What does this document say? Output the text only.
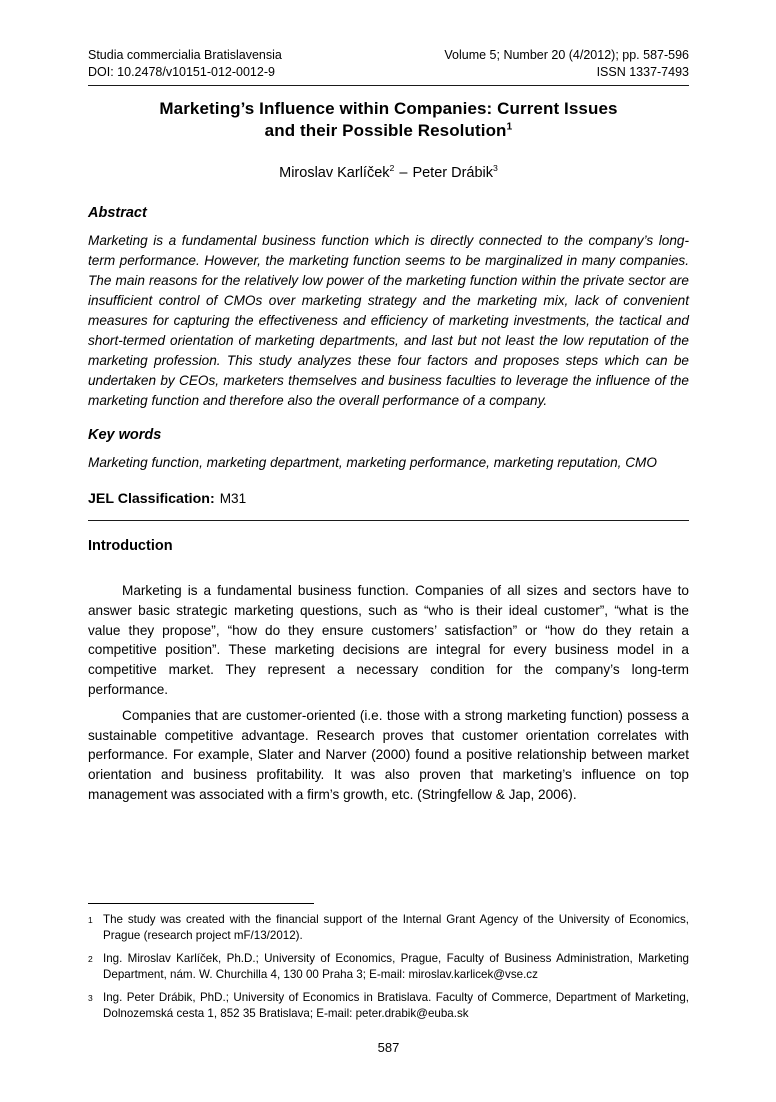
Studia commercialia Bratislavensia
DOI: 10.2478/v10151-012-0012-9
Volume 5; Number 20 (4/2012); pp. 587-596
ISSN 1337-7493
Marketing’s Influence within Companies: Current Issues
and their Possible Resolution$^1$
Miroslav Karlíček$^2$ – Peter Drábik$^3$
Abstract
Marketing is a fundamental business function which is directly connected to the company’s long-term performance. However, the marketing function seems to be marginalized in many companies. The main reasons for the relatively low power of the marketing function within the private sector are insufficient control of CMOs over marketing strategy and the marketing mix, lack of convenient measures for capturing the effectiveness and efficiency of marketing investments, the tactical and short-termed orientation of marketing departments, and last but not least the low reputation of the marketing profession. This study analyzes these four factors and proposes steps which can be undertaken by CEOs, marketers themselves and business faculties to leverage the influence of the marketing function and therefore also the overall performance of a company.
Key words
Marketing function, marketing department, marketing performance, marketing reputation, CMO
JEL Classification: M31
Introduction
Marketing is a fundamental business function. Companies of all sizes and sectors have to answer basic strategic marketing questions, such as “who is their ideal customer”, “what is the value they propose”, “how do they ensure customers’ satisfaction” or “how do they retain a competitive position”. These marketing decisions are integral for every business model in a competitive market. They represent a necessary condition for the company’s long-term performance.
Companies that are customer-oriented (i.e. those with a strong marketing function) possess a sustainable competitive advantage. Research proves that customer orientation correlates with performance. For example, Slater and Narver (2000) found a positive relationship between market orientation and business profitability. It was also proven that marketing’s influence on top management was associated with a firm’s growth, etc. (Stringfellow & Jap, 2006).
1 The study was created with the financial support of the Internal Grant Agency of the University of Economics, Prague (research project mF/13/2012).
2 Ing. Miroslav Karlíček, Ph.D.; University of Economics, Prague, Faculty of Business Administration, Marketing Department, nám. W. Churchilla 4, 130 00 Praha 3; E-mail: miroslav.karlicek@vse.cz
3 Ing. Peter Drábik, PhD.; University of Economics in Bratislava. Faculty of Commerce, Department of Marketing, Dolnozemská cesta 1, 852 35 Bratislava; E-mail: peter.drabik@euba.sk
587
